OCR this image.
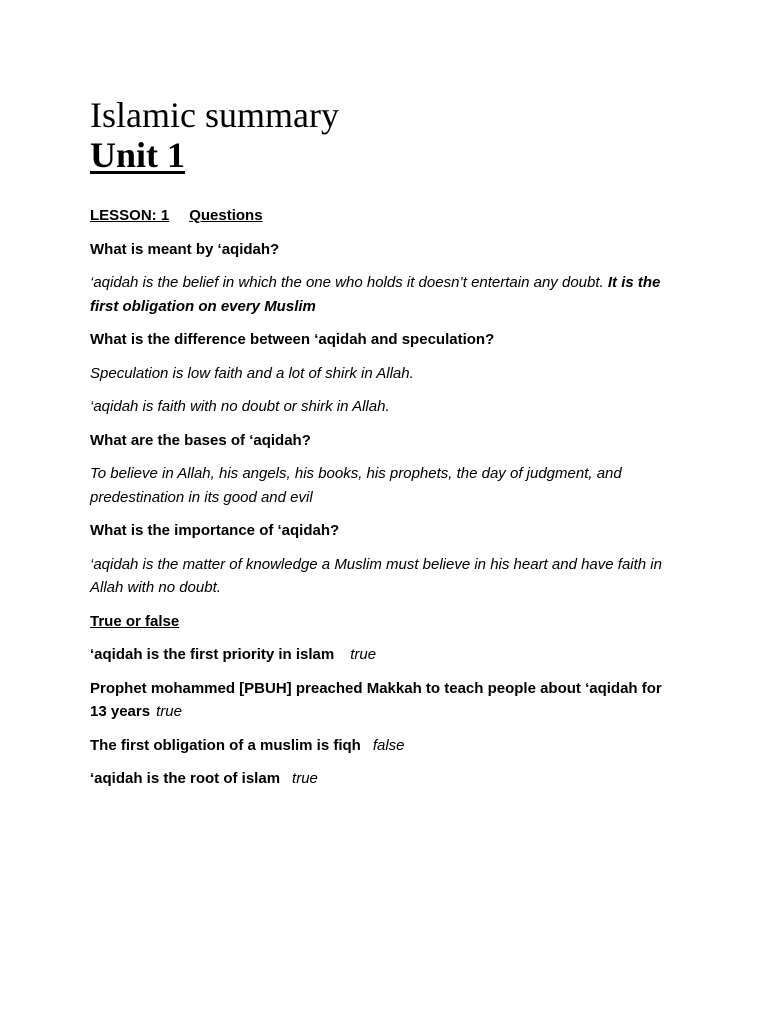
Islamic summary
Unit 1
LESSON: 1 Questions
What is meant by ‘aqidah?
‘aqidah is the belief in which the one who holds it doesn’t entertain any doubt. It is the first obligation on every Muslim
What is the difference between ‘aqidah and speculation?
Speculation is low faith and a lot of shirk in Allah.
‘aqidah is faith with no doubt or shirk in Allah.
What are the bases of ‘aqidah?
To believe in Allah, his angels, his books, his prophets, the day of judgment, and predestination in its good and evil
What is the importance of ‘aqidah?
‘aqidah is the matter of knowledge a Muslim must believe in his heart and have faith in Allah with no doubt.
True or false
‘aqidah is the first priority in islam true
Prophet mohammed [PBUH] preached Makkah to teach people about ‘aqidah for 13 years true
The first obligation of a muslim is fiqh false
‘aqidah is the root of islam true
